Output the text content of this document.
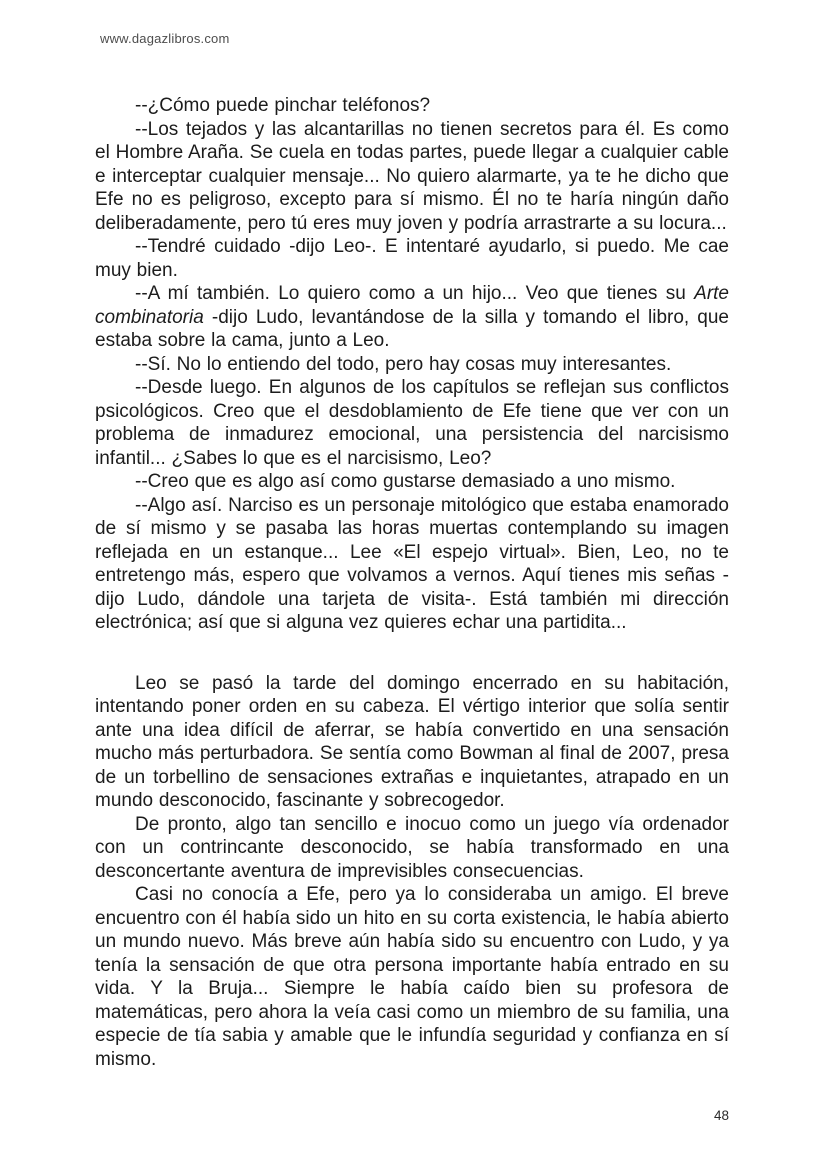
www.dagazlibros.com

--¿Cómo puede pinchar teléfonos?

--Los tejados y las alcantarillas no tienen secretos para él. Es como el Hombre Araña. Se cuela en todas partes, puede llegar a cualquier cable e interceptar cualquier mensaje... No quiero alarmarte, ya te he dicho que Efe no es peligroso, excepto para sí mismo. Él no te haría ningún daño deliberadamente, pero tú eres muy joven y podría arrastrarte a su locura...

--Tendré cuidado -dijo Leo-. E intentaré ayudarlo, si puedo. Me cae muy bien.

--A mí también. Lo quiero como a un hijo... Veo que tienes su Arte combinatoria -dijo Ludo, levantándose de la silla y tomando el libro, que estaba sobre la cama, junto a Leo.

--Sí. No lo entiendo del todo, pero hay cosas muy interesantes.

--Desde luego. En algunos de los capítulos se reflejan sus conflictos psicológicos. Creo que el desdoblamiento de Efe tiene que ver con un problema de inmadurez emocional, una persistencia del narcisismo infantil... ¿Sabes lo que es el narcisismo, Leo?

--Creo que es algo así como gustarse demasiado a uno mismo.

--Algo así. Narciso es un personaje mitológico que estaba enamorado de sí mismo y se pasaba las horas muertas contemplando su imagen reflejada en un estanque... Lee «El espejo virtual». Bien, Leo, no te entretengo más, espero que volvamos a vernos. Aquí tienes mis señas -dijo Ludo, dándole una tarjeta de visita-. Está también mi dirección electrónica; así que si alguna vez quieres echar una partidita...

Leo se pasó la tarde del domingo encerrado en su habitación, intentando poner orden en su cabeza. El vértigo interior que solía sentir ante una idea difícil de aferrar, se había convertido en una sensación mucho más perturbadora. Se sentía como Bowman al final de 2007, presa de un torbellino de sensaciones extrañas e inquietantes, atrapado en un mundo desconocido, fascinante y sobrecogedor.

De pronto, algo tan sencillo e inocuo como un juego vía ordenador con un contrincante desconocido, se había transformado en una desconcertante aventura de imprevisibles consecuencias.

Casi no conocía a Efe, pero ya lo consideraba un amigo. El breve encuentro con él había sido un hito en su corta existencia, le había abierto un mundo nuevo. Más breve aún había sido su encuentro con Ludo, y ya tenía la sensación de que otra persona importante había entrado en su vida. Y la Bruja... Siempre le había caído bien su profesora de matemáticas, pero ahora la veía casi como un miembro de su familia, una especie de tía sabia y amable que le infundía seguridad y confianza en sí mismo.

48
